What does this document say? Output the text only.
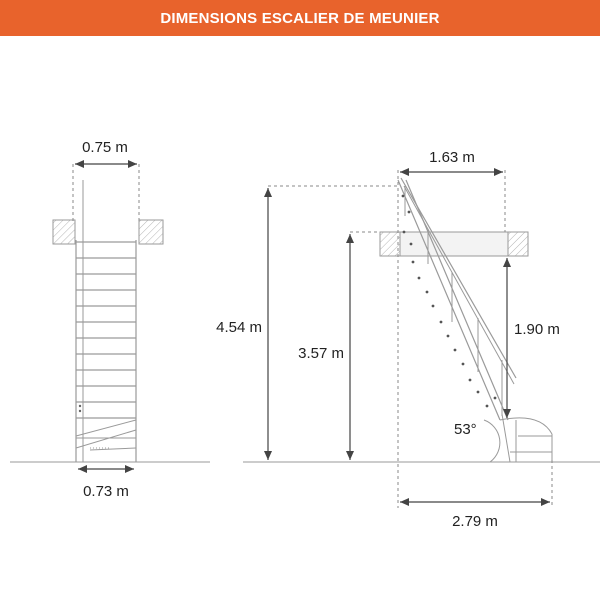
DIMENSIONS ESCALIER DE MEUNIER
0.75 m
0.73 m
53°
1.63 m
4.54 m
3.57 m
1.90 m
2.79 m
